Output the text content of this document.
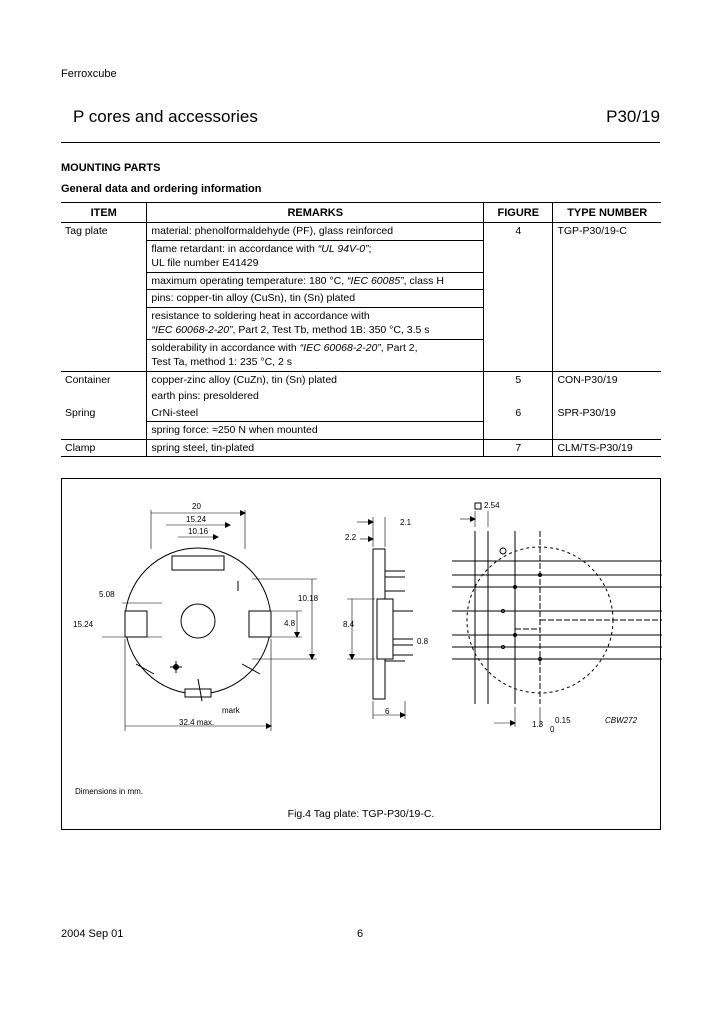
Ferroxcube
P cores and accessories	P30/19
MOUNTING PARTS
General data and ordering information
ITEM	REMARKS	FIGURE	TYPE NUMBER
Tag plate	material: phenolformaldehyde (PF), glass reinforced	4	TGP-P30/19-C
	flame retardant: in accordance with “UL 94V-0”;
UL file number E41429		
	maximum operating temperature: 180 °C, “IEC 60085”, class H		
	pins: copper-tin alloy (CuSn), tin (Sn) plated		
	resistance to soldering heat in accordance with
“IEC 60068-2-20”, Part 2, Test Tb, method 1B: 350 °C, 3.5 s		
	solderability in accordance with “IEC 60068-2-20”, Part 2,
Test Ta, method 1: 235 °C, 2 s		
Container	copper-zinc alloy (CuZn), tin (Sn) plated	5	CON-P30/19
	earth pins: presoldered		
Spring	CrNi-steel	6	SPR-P30/19
	spring force: ≈250 N when mounted		
Clamp	spring steel, tin-plated	7	CLM/TS-P30/19
20
15.24
10.16
5.08
15.24
10.18
4.8
32.4 max.
mark
2.1
2.2
8.4
0.8
6
2.54
1.3 0.15
0
CBW272
Dimensions in mm.
Fig.4 Tag plate: TGP-P30/19-C.
2004 Sep 01	6
